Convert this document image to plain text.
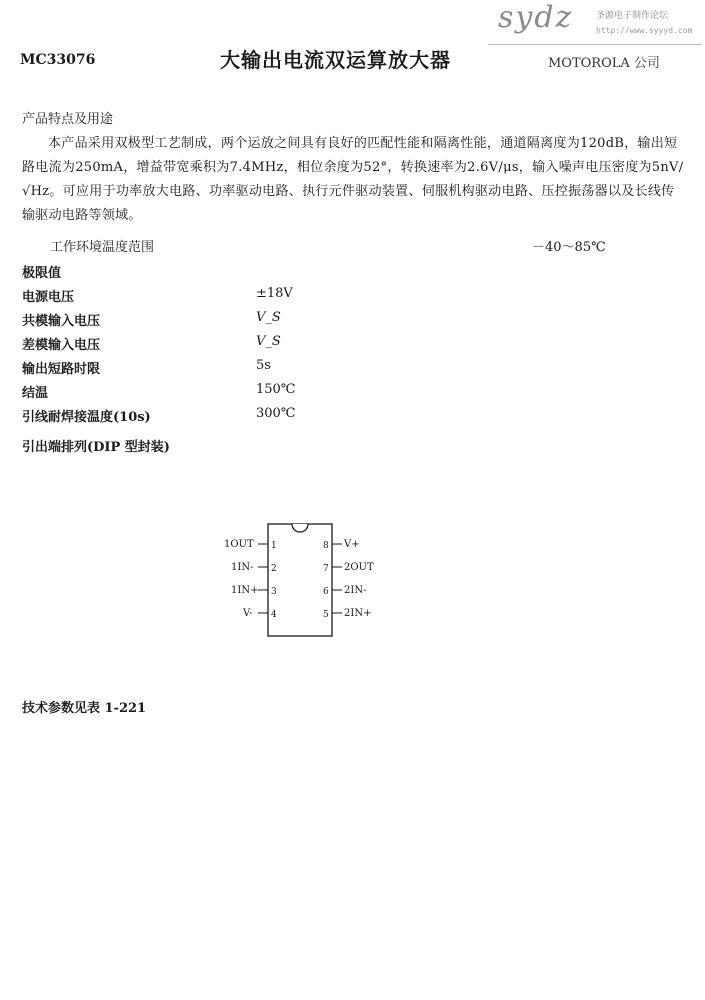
MC33076	大输出电流双运算放大器	MOTOROLA 公司
sydz	圣源电子制作论坛
http://www.syyyd.com
产品特点及用途
本产品采用双极型工艺制成，两个运放之间具有良好的匹配性能和隔离性能，通道隔离度为120dB，输出短路电流为250mA，增益带宽乘积为7.4MHz，相位余度为52°，转换速率为2.6V/μs，输入噪声电压密度为5nV/√Hz。可应用于功率放大电路、功率驱动电路、执行元件驱动装置、伺服机构驱动电路、压控振荡器以及长线传输驱动电路等领域。
工作环境温度范围	－40～85℃
极限值
电源电压	±18V
共模输入电压	V_S
差模输入电压	V_S
输出短路时限	5s
结温	150℃
引线耐焊接温度(10s)	300℃
引出端排列(DIP 型封装)
1OUT 1
1IN- 2
1IN+ 3
V- 4
8 V+
7 2OUT
6 2IN-
5 2IN+
技术参数见表 1-221
